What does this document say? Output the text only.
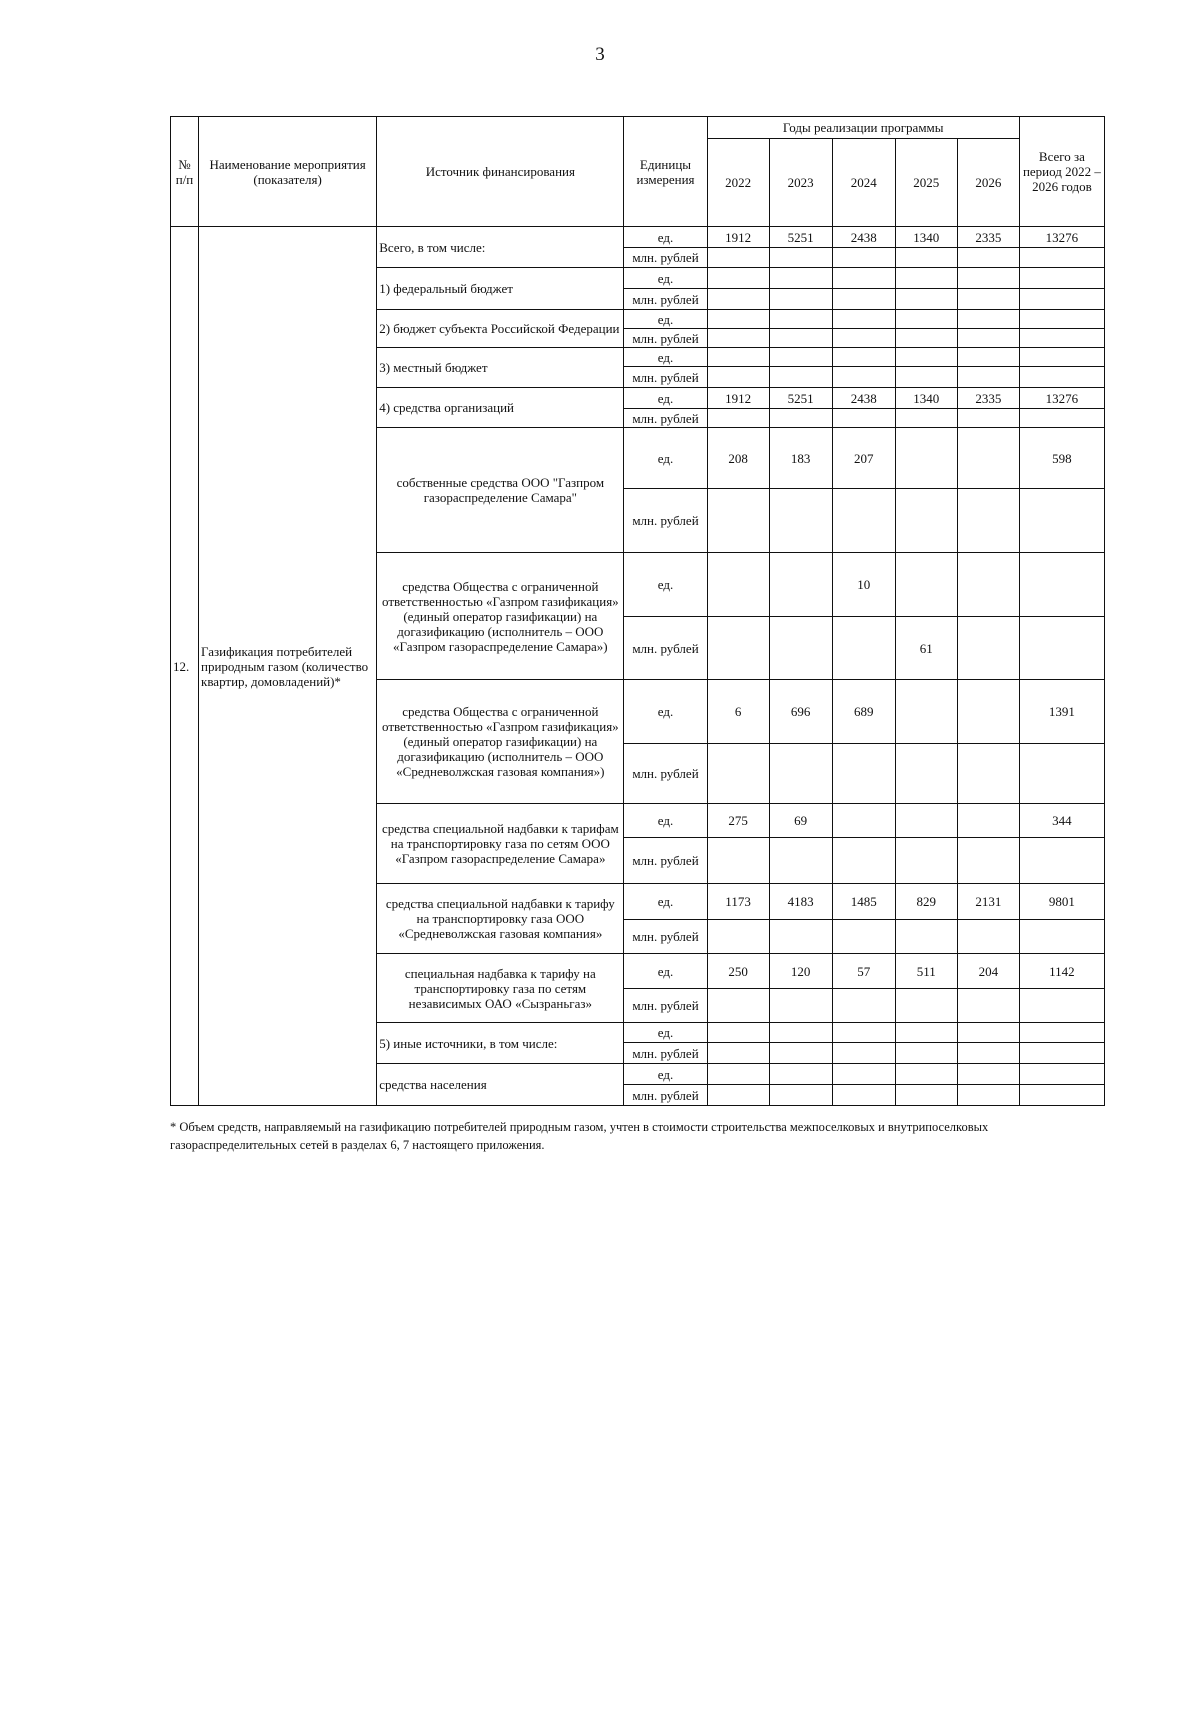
3
№ п/п	Наименование мероприятия (показателя)	Источник финансирования	Единицы измерения	Годы реализации программы					Всего за период 2022 – 2026 годов
				2022	2023	2024	2025	2026	
12.	Газификация потребителей природным газом (количество квартир, домовладений)*	Всего, в том числе:	ед.	1912	5251	2438	1340	2335	13276
			млн. рублей						
		1) федеральный бюджет	ед.						
			млн. рублей						
		2) бюджет субъекта Российской Федерации	ед.						
			млн. рублей						
		3) местный бюджет	ед.						
			млн. рублей						
		4) средства организаций	ед.	1912	5251	2438	1340	2335	13276
			млн. рублей						
		собственные средства ООО "Газпром газораспределение Самара"	ед.	208	183	207			598
			млн. рублей						
		средства Общества с ограниченной ответственностью «Газпром газификация» (единый оператор газификации) на догазификацию (исполнитель – ООО «Газпром газораспределение Самара»)	ед.			10			
			млн. рублей				61		
		средства Общества с ограниченной ответственностью «Газпром газификация» (единый оператор газификации) на догазификацию (исполнитель – ООО «Средневолжская газовая компания»)	ед.	6	696	689			1391
			млн. рублей						
		средства специальной надбавки к тарифам на транспортировку газа по сетям ООО «Газпром газораспределение Самара»	ед.	275	69				344
			млн. рублей						
		средства специальной надбавки к тарифу на транспортировку газа ООО «Средневолжская газовая компания»	ед.	1173	4183	1485	829	2131	9801
			млн. рублей						
		специальная надбавка к тарифу на транспортировку газа по сетям независимых ОАО «Сызраньгаз»	ед.	250	120	57	511	204	1142
			млн. рублей						
		5) иные источники, в том числе:	ед.						
			млн. рублей						
		средства населения	ед.						
			млн. рублей						
* Объем средств, направляемый на газификацию потребителей природным газом, учтен в стоимости строительства межпоселковых и внутрипоселковых газораспределительных сетей в разделах 6, 7 настоящего приложения.
